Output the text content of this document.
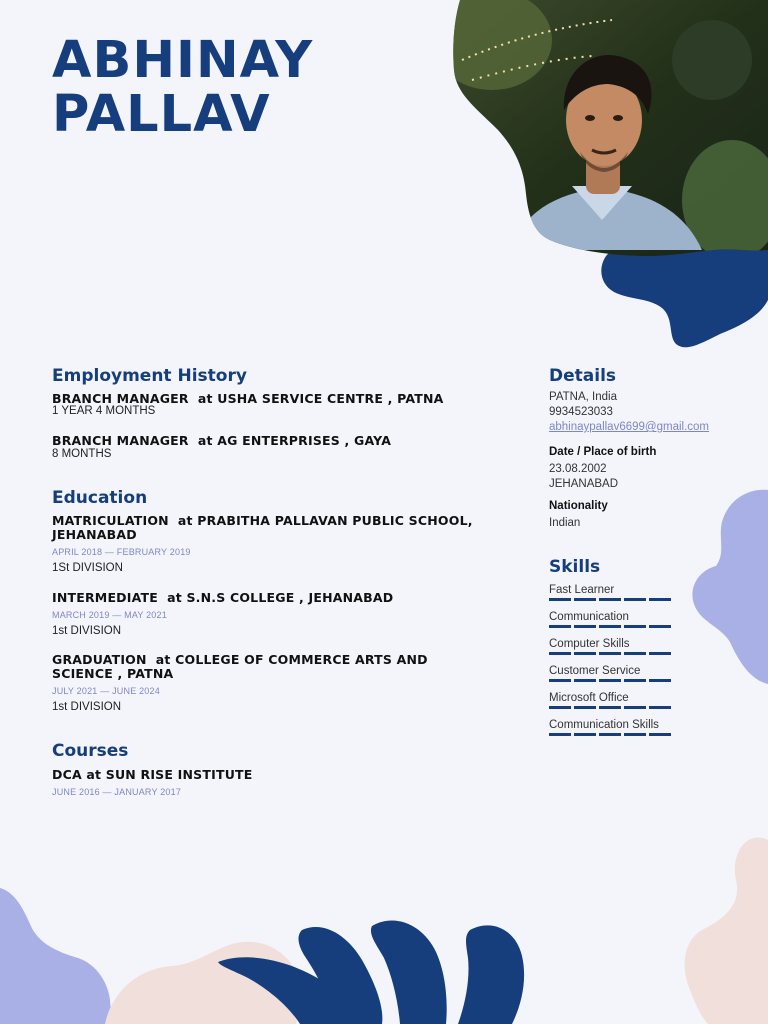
ABHINAY
PALLAV
Employment History
BRANCH MANAGER at USHA SERVICE CENTRE , PATNA
1 YEAR 4 MONTHS
BRANCH MANAGER at AG ENTERPRISES , GAYA
8 MONTHS
Education
MATRICULATION at PRABITHA PALLAVAN PUBLIC SCHOOL, JEHANABAD
APRIL 2018 — FEBRUARY 2019
1St DIVISION
INTERMEDIATE at S.N.S COLLEGE , JEHANABAD
MARCH 2019 — MAY 2021
1st DIVISION
GRADUATION at COLLEGE OF COMMERCE ARTS AND SCIENCE , PATNA
JULY 2021 — JUNE 2024
1st DIVISION
Courses
DCA at SUN RISE INSTITUTE
JUNE 2016 — JANUARY 2017
Details
PATNA, India
9934523033
abhinaypallav6699@gmail.com
Date / Place of birth
23.08.2002
JEHANABAD
Nationality
Indian
Skills
Fast Learner
Communication
Computer Skills
Customer Service
Microsoft Office
Communication Skills
